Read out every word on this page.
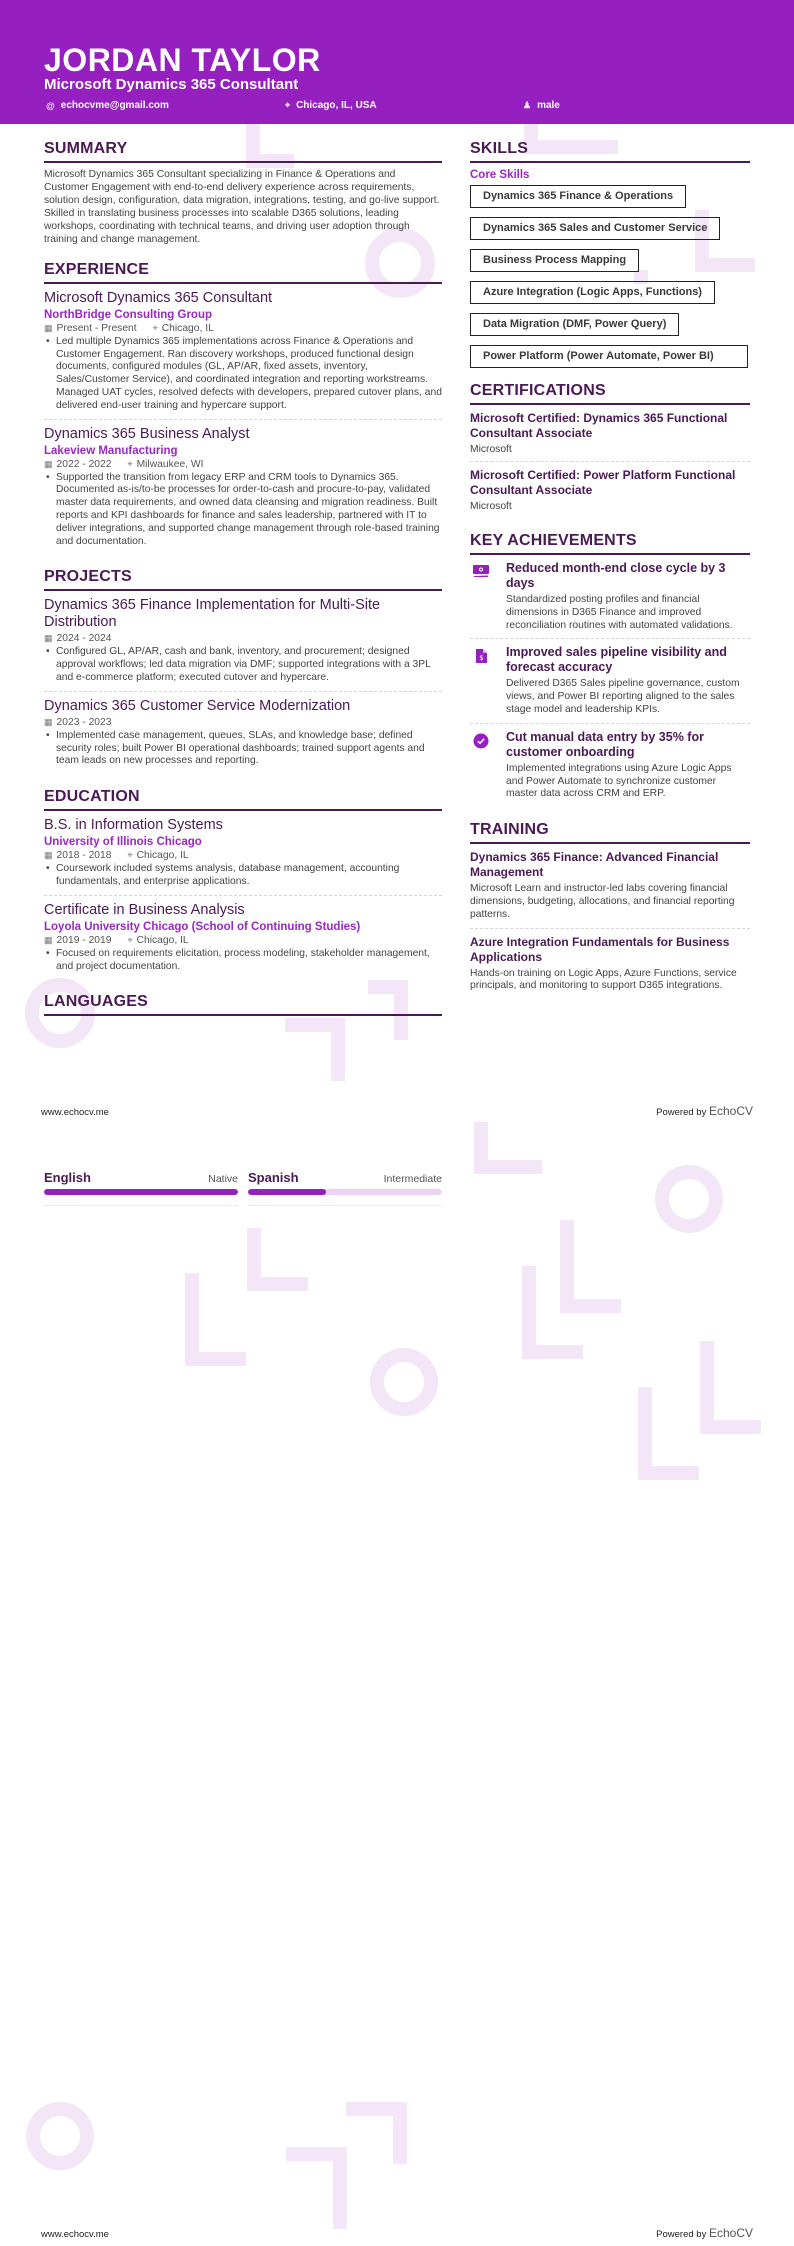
JORDAN TAYLOR
Microsoft Dynamics 365 Consultant
@ echocvme@gmail.com	⌖ Chicago, IL, USA	♟ male
SUMMARY
Microsoft Dynamics 365 Consultant specializing in Finance & Operations and Customer Engagement with end-to-end delivery experience across requirements, solution design, configuration, data migration, integrations, testing, and go-live support.
Skilled in translating business processes into scalable D365 solutions, leading workshops, coordinating with technical teams, and driving user adoption through training and change management.
EXPERIENCE
Microsoft Dynamics 365 Consultant
NorthBridge Consulting Group
▦ Present - Present ⌖ Chicago, IL
• Led multiple Dynamics 365 implementations across Finance & Operations and Customer Engagement. Ran discovery workshops, produced functional design documents, configured modules (GL, AP/AR, fixed assets, inventory, Sales/Customer Service), and coordinated integration and reporting workstreams. Managed UAT cycles, resolved defects with developers, prepared cutover plans, and delivered end-user training and hypercare support.
Dynamics 365 Business Analyst
Lakeview Manufacturing
▦ 2022 - 2022 ⌖ Milwaukee, WI
• Supported the transition from legacy ERP and CRM tools to Dynamics 365. Documented as-is/to-be processes for order-to-cash and procure-to-pay, validated master data requirements, and owned data cleansing and migration readiness. Built reports and KPI dashboards for finance and sales leadership, partnered with IT to deliver integrations, and supported change management through role-based training and documentation.
PROJECTS
Dynamics 365 Finance Implementation for Multi-Site Distribution
▦ 2024 - 2024
• Configured GL, AP/AR, cash and bank, inventory, and procurement; designed approval workflows; led data migration via DMF; supported integrations with a 3PL and e-commerce platform; executed cutover and hypercare.
Dynamics 365 Customer Service Modernization
▦ 2023 - 2023
• Implemented case management, queues, SLAs, and knowledge base; defined security roles; built Power BI operational dashboards; trained support agents and team leads on new processes and reporting.
EDUCATION
B.S. in Information Systems
University of Illinois Chicago
▦ 2018 - 2018 ⌖ Chicago, IL
• Coursework included systems analysis, database management, accounting fundamentals, and enterprise applications.
Certificate in Business Analysis
Loyola University Chicago (School of Continuing Studies)
▦ 2019 - 2019 ⌖ Chicago, IL
• Focused on requirements elicitation, process modeling, stakeholder management, and project documentation.
LANGUAGES
SKILLS
Core Skills
Dynamics 365 Finance & Operations
Dynamics 365 Sales and Customer Service
Business Process Mapping
Azure Integration (Logic Apps, Functions)
Data Migration (DMF, Power Query)
Power Platform (Power Automate, Power BI)
CERTIFICATIONS
Microsoft Certified: Dynamics 365 Functional Consultant Associate
Microsoft
Microsoft Certified: Power Platform Functional Consultant Associate
Microsoft
KEY ACHIEVEMENTS
Reduced month-end close cycle by 3 days
Standardized posting profiles and financial dimensions in D365 Finance and improved reconciliation routines with automated validations.
$ Improved sales pipeline visibility and forecast accuracy
Delivered D365 Sales pipeline governance, custom views, and Power BI reporting aligned to the sales stage model and leadership KPIs.
Cut manual data entry by 35% for customer onboarding
Implemented integrations using Azure Logic Apps and Power Automate to synchronize customer master data across CRM and ERP.
TRAINING
Dynamics 365 Finance: Advanced Financial Management
Microsoft Learn and instructor-led labs covering financial dimensions, budgeting, allocations, and financial reporting patterns.
Azure Integration Fundamentals for Business Applications
Hands-on training on Logic Apps, Azure Functions, service principals, and monitoring to support D365 integrations.
www.echocv.me	Powered by EchoCV
English	Native Spanish	Intermediate
www.echocv.me	Powered by EchoCV
